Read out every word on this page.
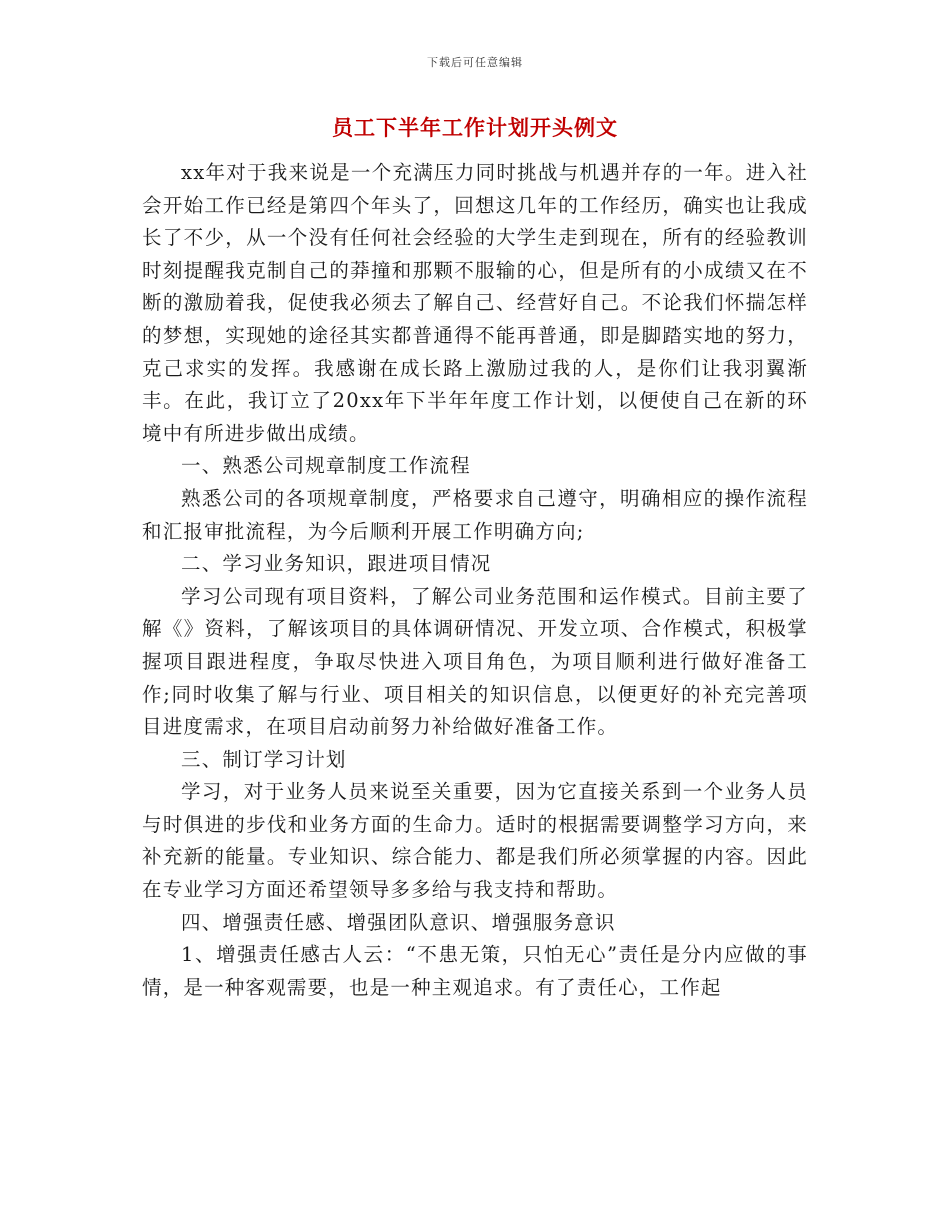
下载后可任意编辑
员工下半年工作计划开头例文

xx年对于我来说是一个充满压力同时挑战与机遇并存的一年。进入社会开始工作已经是第四个年头了，回想这几年的工作经历，确实也让我成长了不少，从一个没有任何社会经验的大学生走到现在，所有的经验教训时刻提醒我克制自己的莽撞和那颗不服输的心，但是所有的小成绩又在不断的激励着我，促使我必须去了解自己、经营好自己。不论我们怀揣怎样的梦想，实现她的途径其实都普通得不能再普通，即是脚踏实地的努力，克己求实的发挥。我感谢在成长路上激励过我的人，是你们让我羽翼渐丰。在此，我订立了20xx年下半年年度工作计划，以便使自己在新的环境中有所进步做出成绩。

一、熟悉公司规章制度工作流程

熟悉公司的各项规章制度，严格要求自己遵守，明确相应的操作流程和汇报审批流程，为今后顺利开展工作明确方向;

二、学习业务知识，跟进项目情况

学习公司现有项目资料，了解公司业务范围和运作模式。目前主要了解《》资料，了解该项目的具体调研情况、开发立项、合作模式，积极掌握项目跟进程度，争取尽快进入项目角色，为项目顺利进行做好准备工作;同时收集了解与行业、项目相关的知识信息，以便更好的补充完善项目进度需求，在项目启动前努力补给做好准备工作。

三、制订学习计划

学习，对于业务人员来说至关重要，因为它直接关系到一个业务人员与时俱进的步伐和业务方面的生命力。适时的根据需要调整学习方向，来补充新的能量。专业知识、综合能力、都是我们所必须掌握的内容。因此在专业学习方面还希望领导多多给与我支持和帮助。

四、增强责任感、增强团队意识、增强服务意识

1、增强责任感古人云：“不患无策，只怕无心”责任是分内应做的事情，是一种客观需要，也是一种主观追求。有了责任心，工作起
